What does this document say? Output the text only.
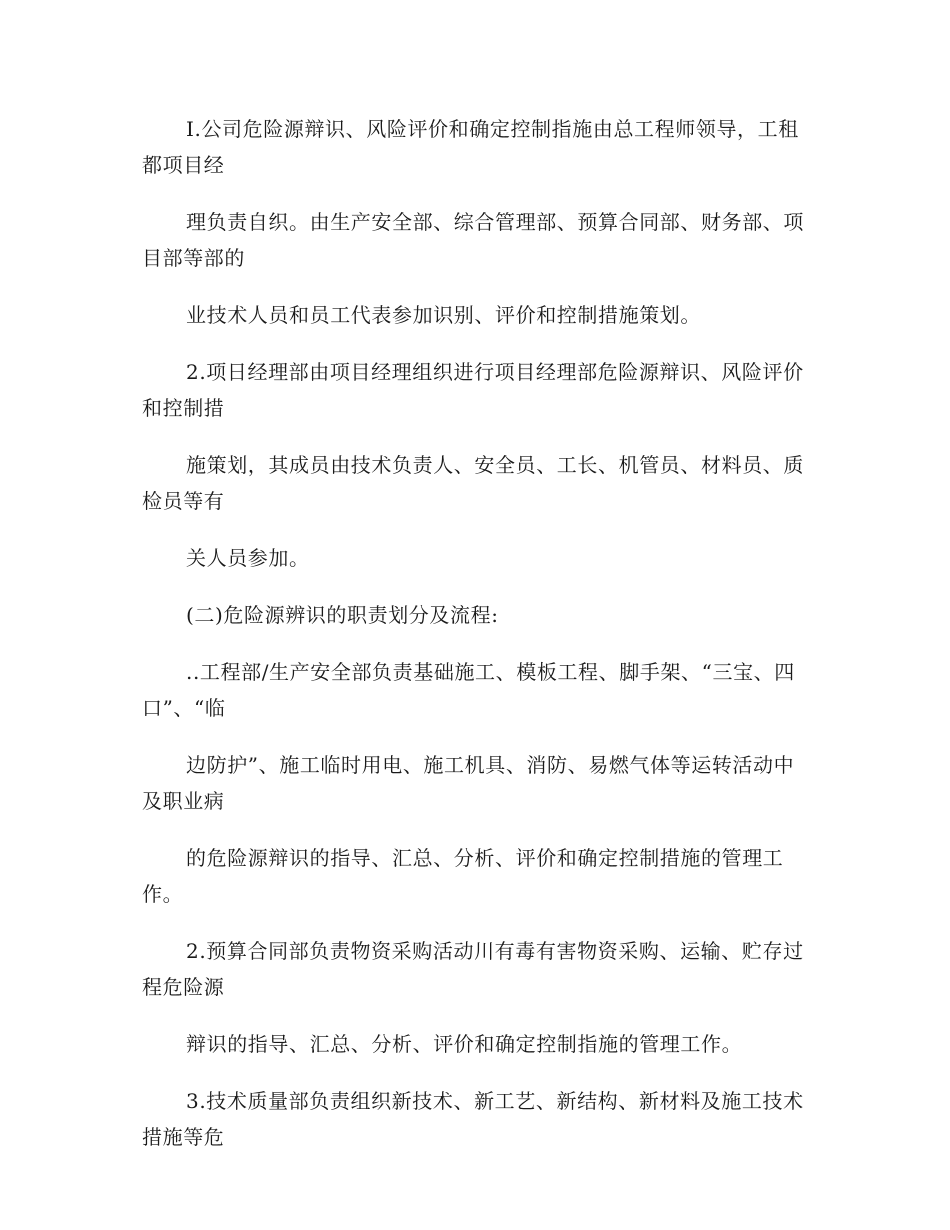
I.公司危险源辩识、风险评价和确定控制指施由总工程师领导，工租都项目经

理负责自织。由生产安全部、综合管理部、预算合同部、财务部、项目部等部的

业技术人员和员工代表参加识别、评价和控制措施策划。

2.项日经理部由项目经理组织进行项目经理部危险源辩识、风险评价和控制措

施策划，其成员由技术负责人、安全员、工长、机管员、材料员、质检员等有

关人员参加。

(二)危险源辨识的职责划分及流程:

..工程部/生产安全部负责基础施工、模板工程、脚手架、“三宝、四口”、“临

边防护”、施工临时用电、施工机具、消防、易燃气体等运转活动中及职业病

的危险源辩识的指导、汇总、分析、评价和确定控制措施的管理工作。

2.预算合同部负责物资采购活动川有毒有害物资采购、运输、贮存过程危险源

辩识的指导、汇总、分析、评价和确定控制指施的管理工作。

3.技术质量部负责组织新技术、新工艺、新结构、新材料及施工技术措施等危
